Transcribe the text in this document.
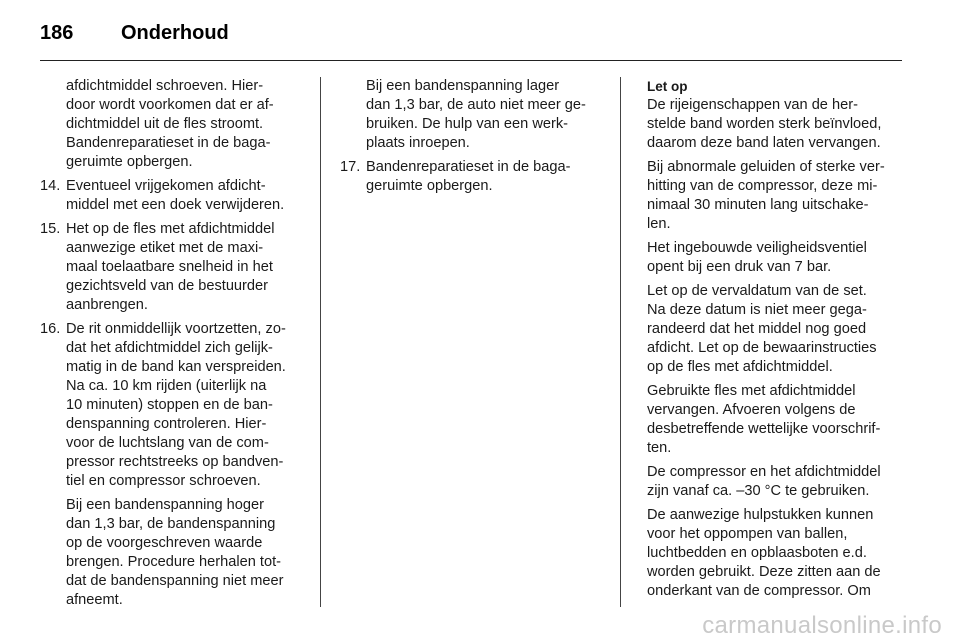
186 Onderhoud

afdichtmiddel schroeven. Hier-
door wordt voorkomen dat er af-
dichtmiddel uit de fles stroomt.
Bandenreparatieset in de baga-
geruimte opbergen.

14. Eventueel vrijgekomen afdicht-
middel met een doek verwijderen.
15. Het op de fles met afdichtmiddel
aanwezige etiket met de maxi-
maal toelaatbare snelheid in het
gezichtsveld van de bestuurder
aanbrengen.
16. De rit onmiddellijk voortzetten, zo-
dat het afdichtmiddel zich gelijk-
matig in de band kan verspreiden.
Na ca. 10 km rijden (uiterlijk na
10 minuten) stoppen en de ban-
denspanning controleren. Hier-
voor de luchtslang van de com-
pressor rechtstreeks op bandven-
tiel en compressor schroeven.

Bij een bandenspanning hoger
dan 1,3 bar, de bandenspanning
op de voorgeschreven waarde
brengen. Procedure herhalen tot-
dat de bandenspanning niet meer
afneemt.

Bij een bandenspanning lager
dan 1,3 bar, de auto niet meer ge-
bruiken. De hulp van een werk-
plaats inroepen.

17. Bandenreparatieset in de baga-
geruimte opbergen.

Let op

De rijeigenschappen van de her-
stelde band worden sterk beïnvloed,
daarom deze band laten vervangen.

Bij abnormale geluiden of sterke ver-
hitting van de compressor, deze mi-
nimaal 30 minuten lang uitschake-
len.

Het ingebouwde veiligheidsventiel
opent bij een druk van 7 bar.

Let op de vervaldatum van de set.
Na deze datum is niet meer gega-
randeerd dat het middel nog goed
afdicht. Let op de bewaarinstructies
op de fles met afdichtmiddel.

Gebruikte fles met afdichtmiddel
vervangen. Afvoeren volgens de
desbetreffende wettelijke voorschrif-
ten.

De compressor en het afdichtmiddel
zijn vanaf ca. –30 °C te gebruiken.

De aanwezige hulpstukken kunnen
voor het oppompen van ballen,
luchtbedden en opblaasboten e.d.
worden gebruikt. Deze zitten aan de
onderkant van de compressor. Om

carmanualsonline.info
